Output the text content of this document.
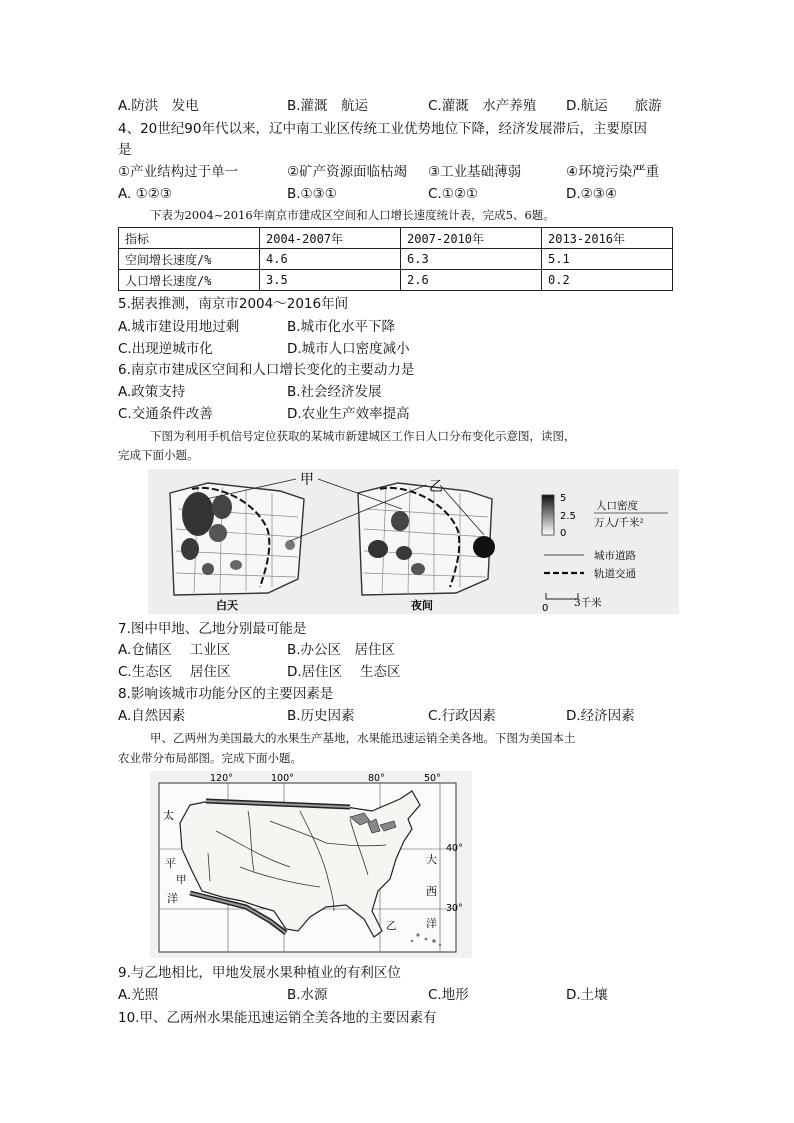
A.防洪　发电	B.灌溉　航运	C.灌溉　水产养殖 D.航运　　旅游
4、20世纪90年代以来，辽中南工业区传统工业优势地位下降，经济发展滞后，主要原因
是
①产业结构过于单一	②矿产资源面临枯竭 ③工业基础薄弱	④环境污染严重
A. ①②③	B.①③①	C.①②①	D.②③④
下表为2004~2016年南京市建成区空间和人口增长速度统计表，完成5、6题。
指标	2004-2007年	2007-2010年	2013-2016年
空间增长速度/%	4.6	6.3	5.1
人口增长速度/%	3.5	2.6	0.2
5.据表推测，南京市2004～2016年间
A.城市建设用地过剩	B.城市化水平下降
C.出现逆城市化	D.城市人口密度减小
6.南京市建成区空间和人口增长变化的主要动力是
A.政策支持	B.社会经济发展
C.交通条件改善	D.农业生产效率提高
下图为利用手机信号定位获取的某城市新建城区工作日人口分布变化示意图，读图，
完成下面小题。
白天	夜间
甲	乙
5
2.5
0
人口密度
万人/千米²
城市道路
轨道交通
0 3千米
7.图中甲地、乙地分别最可能是
A.仓储区　 工业区	B.办公区　居住区
C.生态区　 居住区	D.居住区　 生态区
8.影响该城市功能分区的主要因素是
A.自然因素	B.历史因素	C.行政因素	D.经济因素
甲、乙两州为美国最大的水果生产基地，水果能迅速运销全美各地。下图为美国本土
农业带分布局部图。完成下面小题。
120°	100°	80°	50°
40°
30°
太
平
洋
大
西
洋
甲
乙
9.与乙地相比，甲地发展水果种植业的有利区位
A.光照	B.水源	C.地形	D.土壤
10.甲、乙两州水果能迅速运销全美各地的主要因素有
